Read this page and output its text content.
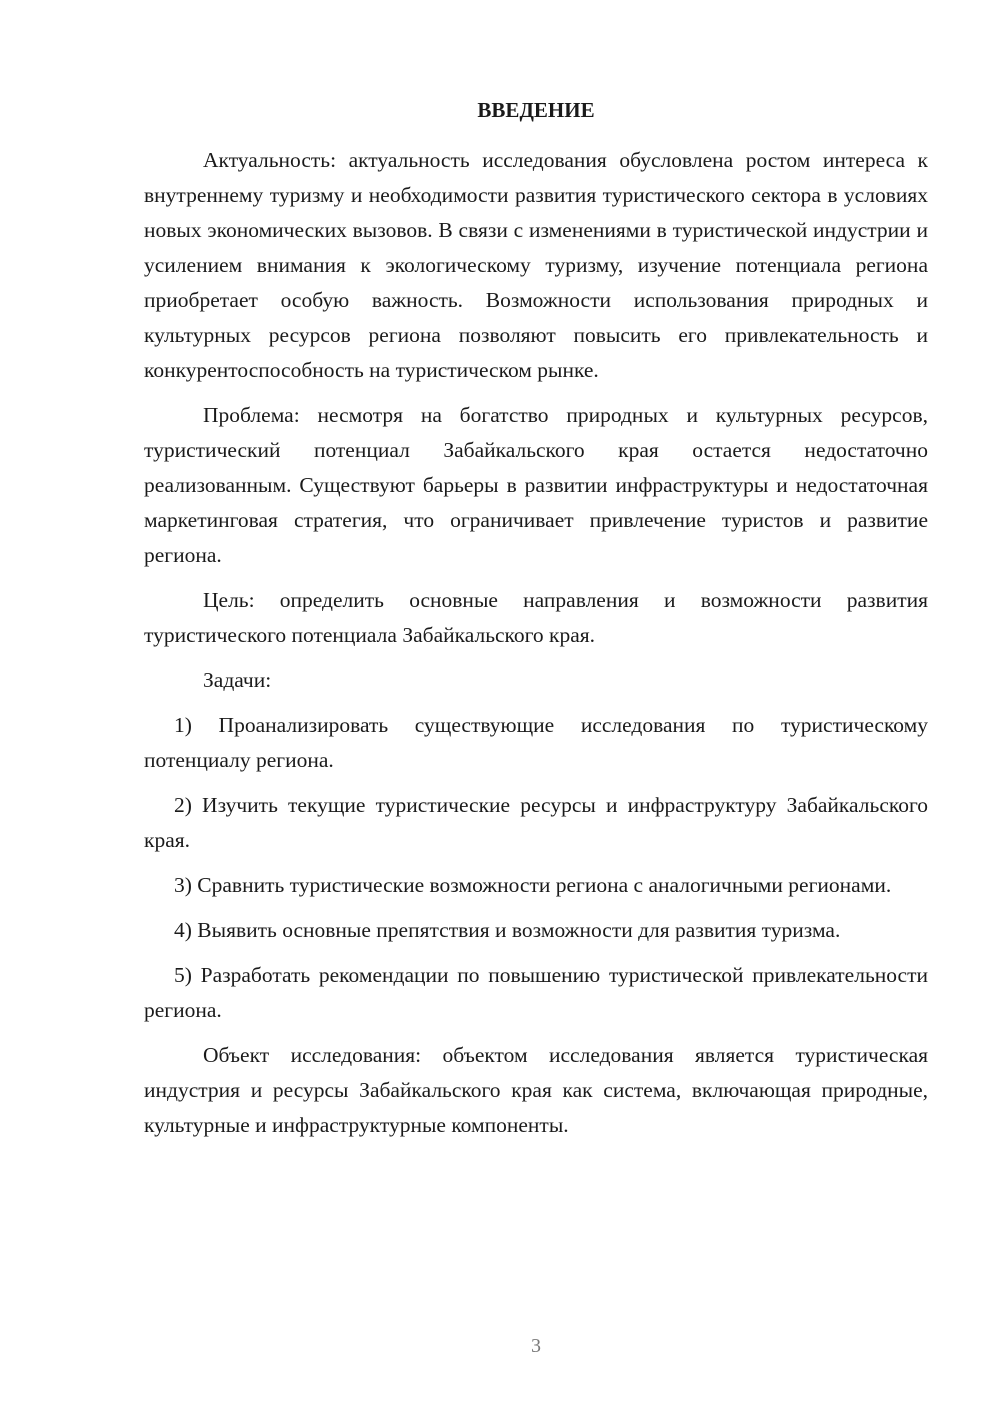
ВВЕДЕНИЕ

Актуальность: актуальность исследования обусловлена ростом интереса к внутреннему туризму и необходимости развития туристического сектора в условиях новых экономических вызовов. В связи с изменениями в туристической индустрии и усилением внимания к экологическому туризму, изучение потенциала региона приобретает особую важность. Возможности использования природных и культурных ресурсов региона позволяют повысить его привлекательность и конкурентоспособность на туристическом рынке.

Проблема: несмотря на богатство природных и культурных ресурсов, туристический потенциал Забайкальского края остается недостаточно реализованным. Существуют барьеры в развитии инфраструктуры и недостаточная маркетинговая стратегия, что ограничивает привлечение туристов и развитие региона.

Цель: определить основные направления и возможности развития туристического потенциала Забайкальского края.

Задачи:

1) Проанализировать существующие исследования по туристическому потенциалу региона.

2) Изучить текущие туристические ресурсы и инфраструктуру Забайкальского края.

3) Сравнить туристические возможности региона с аналогичными регионами.

4) Выявить основные препятствия и возможности для развития туризма.

5) Разработать рекомендации по повышению туристической привлекательности региона.

Объект исследования: объектом исследования является туристическая индустрия и ресурсы Забайкальского края как система, включающая природные, культурные и инфраструктурные компоненты.

3
